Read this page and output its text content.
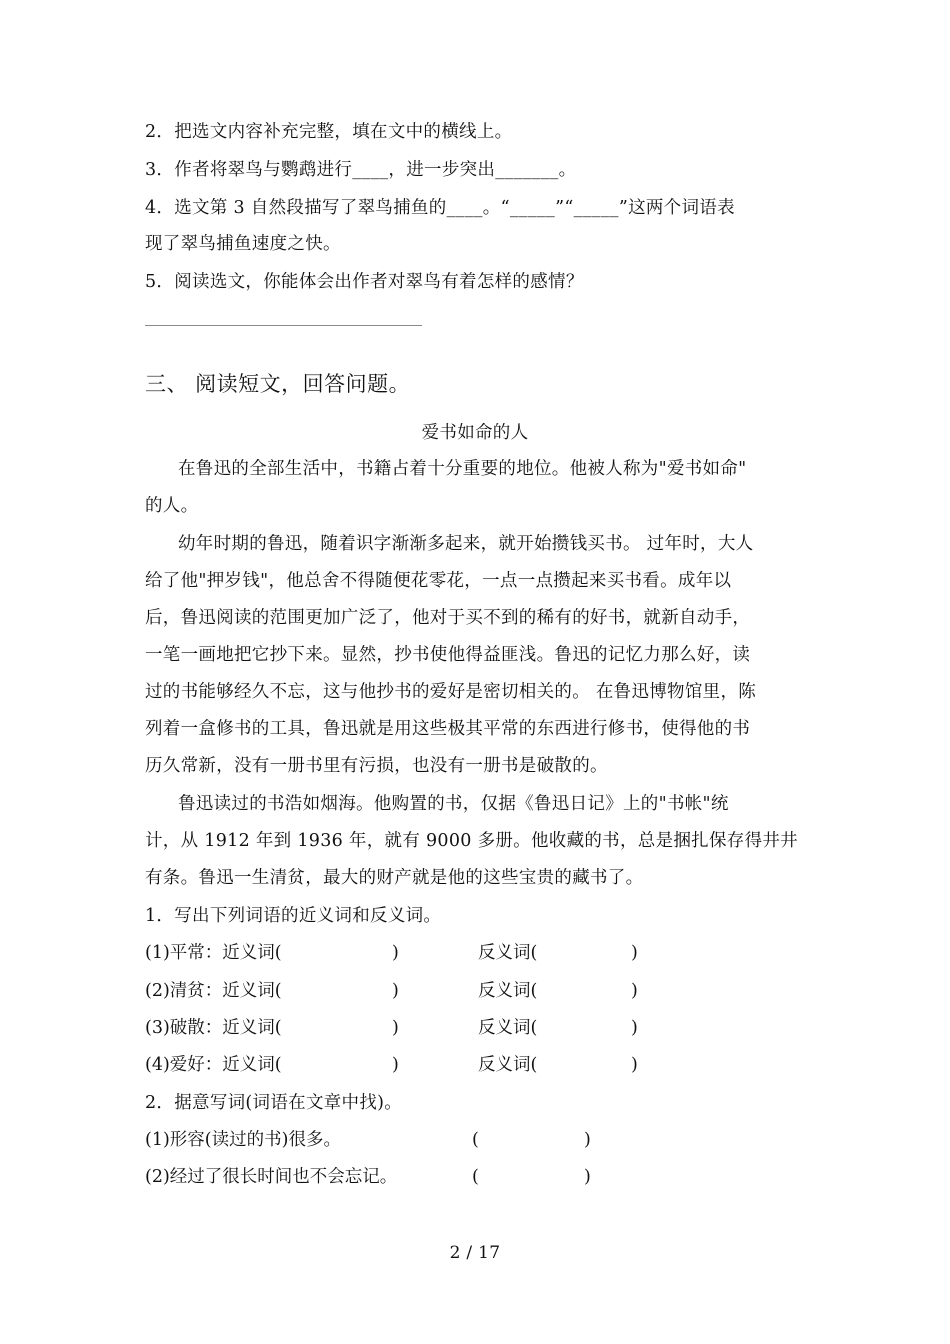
2．把选文内容补充完整，填在文中的横线上。
3．作者将翠鸟与鹦鹉进行____，进一步突出_______。
4．选文第 3 自然段描写了翠鸟捕鱼的____。“_____”“_____”这两个词语表
现了翠鸟捕鱼速度之快。
5．阅读选文，你能体会出作者对翠鸟有着怎样的感情？
三、 阅读短文，回答问题。
爱书如命的人
在鲁迅的全部生活中，书籍占着十分重要的地位。他被人称为"爱书如命"
的人。
幼年时期的鲁迅，随着识字渐渐多起来，就开始攒钱买书。 过年时，大人
给了他"押岁钱"，他总舍不得随便花零花，一点一点攒起来买书看。成年以
后，鲁迅阅读的范围更加广泛了，他对于买不到的稀有的好书，就新自动手，
一笔一画地把它抄下来。显然，抄书使他得益匪浅。鲁迅的记忆力那么好，读
过的书能够经久不忘，这与他抄书的爱好是密切相关的。 在鲁迅博物馆里，陈
列着一盒修书的工具，鲁迅就是用这些极其平常的东西进行修书，使得他的书
历久常新，没有一册书里有污损，也没有一册书是破散的。
鲁迅读过的书浩如烟海。他购置的书，仅据《鲁迅日记》上的"书帐"统
计，从 1912 年到 1936 年，就有 9000 多册。他收藏的书，总是捆扎保存得井井
有条。鲁迅一生清贫，最大的财产就是他的这些宝贵的藏书了。
1．写出下列词语的近义词和反义词。
(1)平常：近义词(	)	反义词(	)
(2)清贫：近义词(	)	反义词(	)
(3)破散：近义词(	)	反义词(	)
(4)爱好：近义词(	)	反义词(	)
2．据意写词(词语在文章中找)。
(1)形容(读过的书)很多。	(	)
(2)经过了很长时间也不会忘记。	(	)
2 / 17
